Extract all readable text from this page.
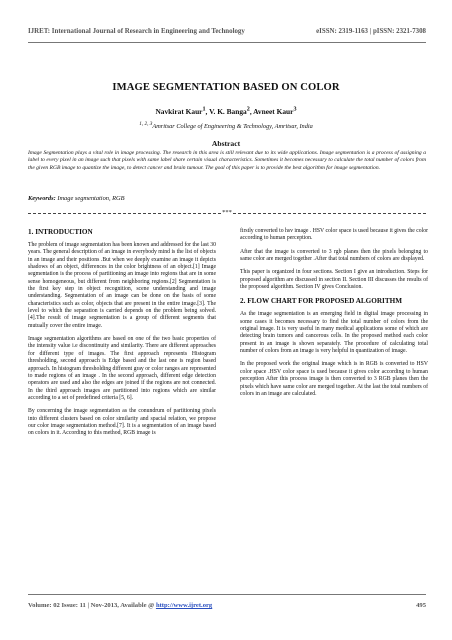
IJRET: International Journal of Research in Engineering and Technology	eISSN: 2319-1163 | pISSN: 2321-7308
IMAGE SEGMENTATION BASED ON COLOR
Navkirat Kaur$^1$, V. K. Banga$^2$, Avneet Kaur$^3$
$^{1, 2, 3}$Amritsar College of Engineering & Technology, Amritsar, India
Abstract
Image Segmentation plays a vital role in image processing. The research in this area is still relevant due to its wide applications. Image segmentation is a process of assigning a label to every pixel in an image such that pixels with same label share certain visual characteristics. Sometimes it becomes necessary to calculate the total number of colors from the given RGB image to quantize the image, to detect cancer and brain tumour. The goal of this paper is to provide the best algorithm for image segmentation.
Keywords: Image segmentation, RGB
***
1. INTRODUCTION

The problem of image segmentation has been known and addressed for the last 30 years. The general description of an image in everybody mind is the list of objects in an image and their positions .But when we deeply examine an image it depicts shadows of an object, differences in the color brightness of an object.[1] Image segmentation is the process of partitioning an image into regions that are in some sense homogeneous, but different from neighboring regions.[2] Segmentation is the first key step in object recognition, scene understanding and image understanding. Segmentation of an image can be done on the basis of some characteristics such as color, objects that are present in the entire image.[3]. The level to which the separation is carried depends on the problem being solved. [4].The result of image segmentation is a group of different segments that mutually cover the entire image.

Image segmentation algorithms are based on one of the two basic properties of the intensity value i.e discontinuity and similarity. There are different approaches for different type of images. The first approach represents Histogram thresholding, second approach is Edge based and the last one is region based approach. In histogram thresholding different gray or color ranges are represented to made regions of an image . In the second approach, different edge detection operators are used and also the edges are joined if the regions are not connected. In the third approach images are partitioned into regions which are similar according to a set of predefined criteria [5, 6].

By concerning the image segmentation as the conundrum of partitioning pixels into different clusters based on color similarity and spacial relation, we propose our color image segmentation method.[7]. It is a segmentation of an image based on colors in it. According to this method, RGB image is

firstly converted to hsv image . HSV color space is used because it gives the color according to human perception.

After that the image is converted to 3 rgb planes then the pixels belonging to same color are merged together .After that total numbers of colors are displayed.

This paper is organized in four sections. Section I give an introduction. Steps for proposed algorithm are discussed in section II. Section III discusses the results of the proposed algorithm. Section IV gives Conclusion.

2. FLOW CHART FOR PROPOSED ALGORITHM

As the image segmentation is an emerging field in digital image processing in some cases it becomes necessary to find the total number of colors from the original image. It is very useful in many medical applications some of which are detecting brain tumors and cancerous cells. In the proposed method each color present in an image is shown separately. The procedure of calculating total number of colors from an image is very helpful in quantization of image.

In the proposed work the original image which is in RGB is converted to HSV color space .HSV color space is used because it gives color according to human perception After this process image is then converted to 3 RGB planes then the pixels which have same color are merged together. At the last the total numbers of colors in an image are calculated.

Volume: 02 Issue: 11 | Nov-2013, Available @ http://www.ijret.org	495
